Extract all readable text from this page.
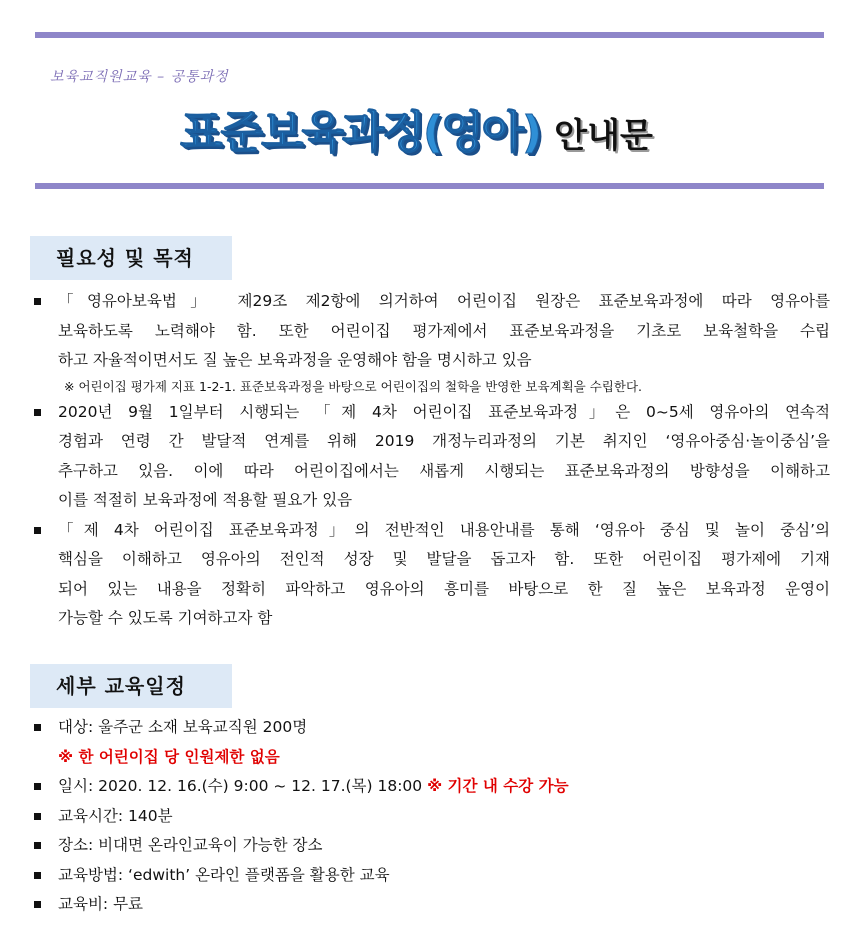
보육교직원교육 – 공통과정
표준보육과정(영아) 안내문
필요성 및 목적
「영유아보육법」 제29조 제2항에 의거하여 어린이집 원장은 표준보육과정에 따라 영유아를
보육하도록 노력해야 함. 또한 어린이집 평가제에서 표준보육과정을 기초로 보육철학을 수립
하고 자율적이면서도 질 높은 보육과정을 운영해야 함을 명시하고 있음
※ 어린이집 평가제 지표 1-2-1. 표준보육과정을 바탕으로 어린이집의 철학을 반영한 보육계획을 수립한다.
2020년 9월 1일부터 시행되는 「제 4차 어린이집 표준보육과정」은 0~5세 영유아의 연속적
경험과 연령 간 발달적 연계를 위해 2019 개정누리과정의 기본 취지인 ‘영유아중심·놀이중심’을
추구하고 있음. 이에 따라 어린이집에서는 새롭게 시행되는 표준보육과정의 방향성을 이해하고
이를 적절히 보육과정에 적용할 필요가 있음
「제 4차 어린이집 표준보육과정」의 전반적인 내용안내를 통해 ‘영유아 중심 및 놀이 중심’의
핵심을 이해하고 영유아의 전인적 성장 및 발달을 돕고자 함. 또한 어린이집 평가제에 기재
되어 있는 내용을 정확히 파악하고 영유아의 흥미를 바탕으로 한 질 높은 보육과정 운영이
가능할 수 있도록 기여하고자 함
세부 교육일정
대상: 울주군 소재 보육교직원 200명
※ 한 어린이집 당 인원제한 없음
일시: 2020. 12. 16.(수) 9:00 ~ 12. 17.(목) 18:00 ※ 기간 내 수강 가능
교육시간: 140분
장소: 비대면 온라인교육이 가능한 장소
교육방법: ‘edwith’ 온라인 플랫폼을 활용한 교육
교육비: 무료
